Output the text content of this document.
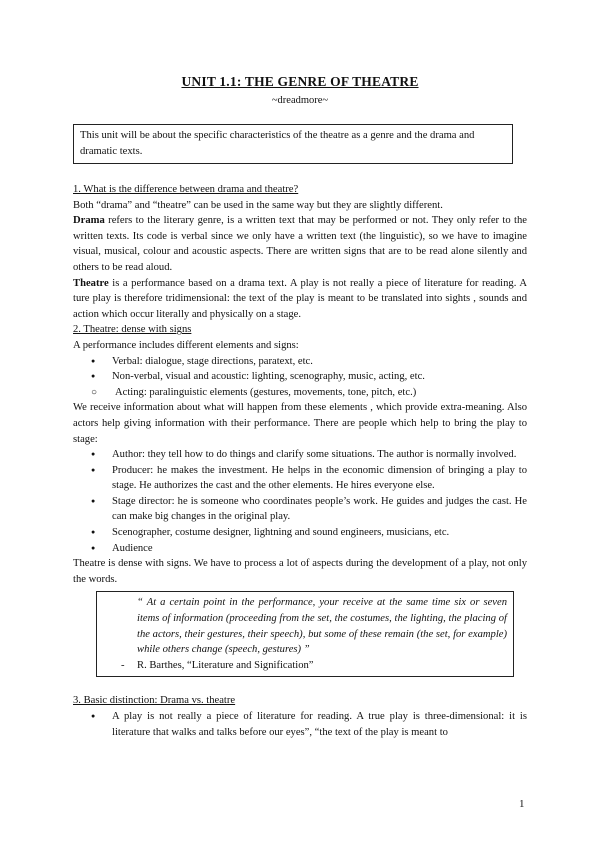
UNIT 1.1: THE GENRE OF THEATRE
~dreadmore~
This unit will be about the specific characteristics of the theatre as a genre and the drama and dramatic texts.

1. What is the difference between drama and theatre?

Both “drama” and “theatre” can be used in the same way but they are slightly different.

Drama refers to the literary genre, is a written text that may be performed or not. They only refer to the written texts. Its code is verbal since we only have a written text (the linguistic), so we have to imagine visual, musical, colour and acoustic aspects. There are written signs that are to be read alone silently and others to be read aloud.

Theatre is a performance based on a drama text. A play is not really a piece of literature for reading. A ture play is therefore tridimensional: the text of the play is meant to be translated into sights , sounds and action which occur literally and physically on a stage.

2. Theatre: dense with signs

A performance includes different elements and signs:

● Verbal: dialogue, stage directions, paratext, etc.
● Non-verbal, visual and acoustic: lighting, scenography, music, acting, etc.
○ Acting: paralinguistic elements (gestures, movements, tone, pitch, etc.)

We receive information about what will happen from these elements , which provide extra-meaning. Also actors help giving information with their performance. There are people which help to bring the play to stage:

● Author: they tell how to do things and clarify some situations. The author is normally involved.
● Producer: he makes the investment. He helps in the economic dimension of bringing a play to stage. He authorizes the cast and the other elements. He hires everyone else.
● Stage director: he is someone who coordinates people’s work. He guides and judges the cast. He can make big changes in the original play.
● Scenographer, costume designer, lightning and sound engineers, musicians, etc.
● Audience

Theatre is dense with signs. We have to process a lot of aspects during the development of a play, not only the words.

“ At a certain point in the performance, your receive at the same time six or seven items of information (proceeding from the set, the costumes, the lighting, the placing of the actors, their gestures, their speech), but some of these remain (the set, for example) while others change (speech, gestures) ”
- R. Barthes, “Literature and Signification”

3. Basic distinction: Drama vs. theatre

● A play is not really a piece of literature for reading. A true play is three-dimensional: it is literature that walks and talks before our eyes”, “the text of the play is meant to
1
